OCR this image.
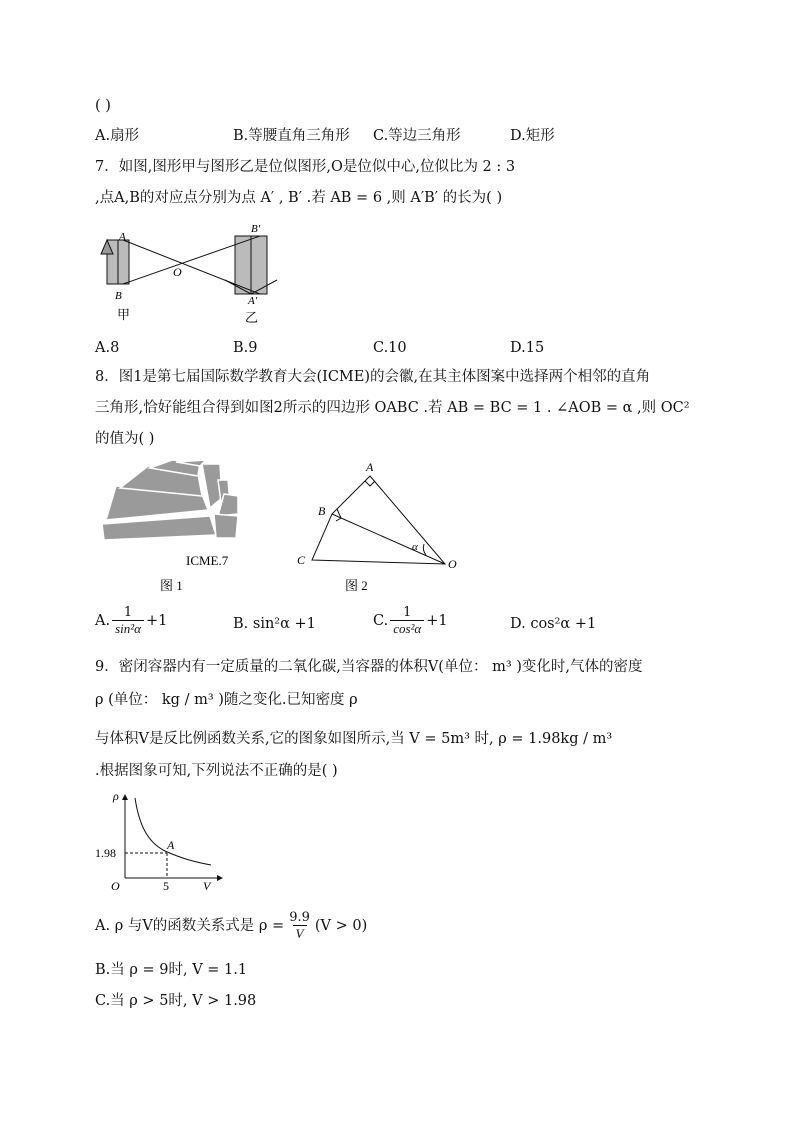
( )
A.扇形	B.等腰直角三角形 C.等边三角形	D.矩形
7．如图,图形甲与图形乙是位似图形,O是位似中心,位似比为 2 : 3
,点A,B的对应点分别为点 A′ , B′ .若 AB = 6 ,则 A′B′ 的长为( )
A
B
O
B′
A′
甲	乙
A.8	B.9	C.10	D.15
8．图1是第七届国际数学教育大会(ICME)的会徽,在其主体图案中选择两个相邻的直角
三角形,恰好能组合得到如图2所示的四边形 OABC .若 AB = BC = 1 . ∠AOB = α ,则 OC²
的值为( )
ICME.7
图 1
A
B
C	O
α
图 2
A. $\frac{1}{\text{sin²α}} +1$	B. sin²α +1	C. $\frac{1}{\text{cos²α}} +1$	D. cos²α +1
9．密闭容器内有一定质量的二氧化碳,当容器的体积V(单位： m³ )变化时,气体的密度
ρ (单位： kg / m³ )随之变化.已知密度 ρ
与体积V是反比例函数关系,它的图象如图所示,当 V = 5m³ 时, ρ = 1.98kg / m³
.根据图象可知,下列说法不正确的是( )
ρ
1.98
A
5
O	V
A. ρ 与V的函数关系式是 $\rho = \frac{9.9}{V} (V > 0)$
B.当 ρ = 9时, V = 1.1
C.当 ρ > 5时, V > 1.98
